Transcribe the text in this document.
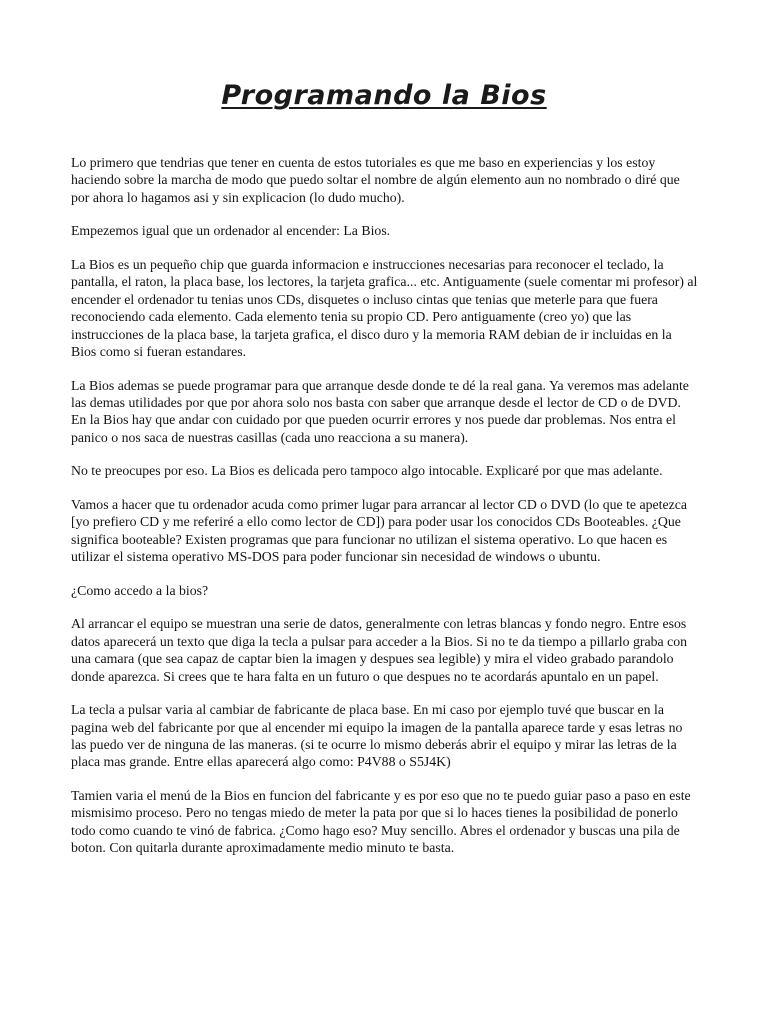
Programando la Bios

Lo primero que tendrias que tener en cuenta de estos tutoriales es que me baso en experiencias y los estoy haciendo sobre la marcha de modo que puedo soltar el nombre de algún elemento aun no nombrado o diré que por ahora lo hagamos asi y sin explicacion (lo dudo mucho).

Empezemos igual que un ordenador al encender: La Bios.

La Bios es un pequeño chip que guarda informacion e instrucciones necesarias para reconocer el teclado, la pantalla, el raton, la placa base, los lectores, la tarjeta grafica... etc. Antiguamente (suele comentar mi profesor) al encender el ordenador tu tenias unos CDs, disquetes o incluso cintas que tenias que meterle para que fuera reconociendo cada elemento. Cada elemento tenia su propio CD. Pero antiguamente (creo yo) que las instrucciones de la placa base, la tarjeta grafica, el disco duro y la memoria RAM debian de ir incluidas en la Bios como si fueran estandares.

La Bios ademas se puede programar para que arranque desde donde te dé la real gana. Ya veremos mas adelante las demas utilidades por que por ahora solo nos basta con saber que arranque desde el lector de CD o de DVD. En la Bios hay que andar con cuidado por que pueden ocurrir errores y nos puede dar problemas. Nos entra el panico o nos saca de nuestras casillas (cada uno reacciona a su manera).

No te preocupes por eso. La Bios es delicada pero tampoco algo intocable. Explicaré por que mas adelante.

Vamos a hacer que tu ordenador acuda como primer lugar para arrancar al lector CD o DVD (lo que te apetezca [yo prefiero CD y me referiré a ello como lector de CD]) para poder usar los conocidos CDs Booteables. ¿Que significa booteable? Existen programas que para funcionar no utilizan el sistema operativo. Lo que hacen es utilizar el sistema operativo MS-DOS para poder funcionar sin necesidad de windows o ubuntu.

¿Como accedo a la bios?

Al arrancar el equipo se muestran una serie de datos, generalmente con letras blancas y fondo negro. Entre esos datos aparecerá un texto que diga la tecla a pulsar para acceder a la Bios. Si no te da tiempo a pillarlo graba con una camara (que sea capaz de captar bien la imagen y despues sea legible) y mira el video grabado parandolo donde aparezca. Si crees que te hara falta en un futuro o que despues no te acordarás apuntalo en un papel.

La tecla a pulsar varia al cambiar de fabricante de placa base. En mi caso por ejemplo tuvé que buscar en la pagina web del fabricante por que al encender mi equipo la imagen de la pantalla aparece tarde y esas letras no las puedo ver de ninguna de las maneras. (si te ocurre lo mismo deberás abrir el equipo y mirar las letras de la placa mas grande. Entre ellas aparecerá algo como: P4V88 o S5J4K)

Tamien varia el menú de la Bios en funcion del fabricante y es por eso que no te puedo guiar paso a paso en este mismisimo proceso. Pero no tengas miedo de meter la pata por que si lo haces tienes la posibilidad de ponerlo todo como cuando te vinó de fabrica. ¿Como hago eso? Muy sencillo. Abres el ordenador y buscas una pila de boton. Con quitarla durante aproximadamente medio minuto te basta.
